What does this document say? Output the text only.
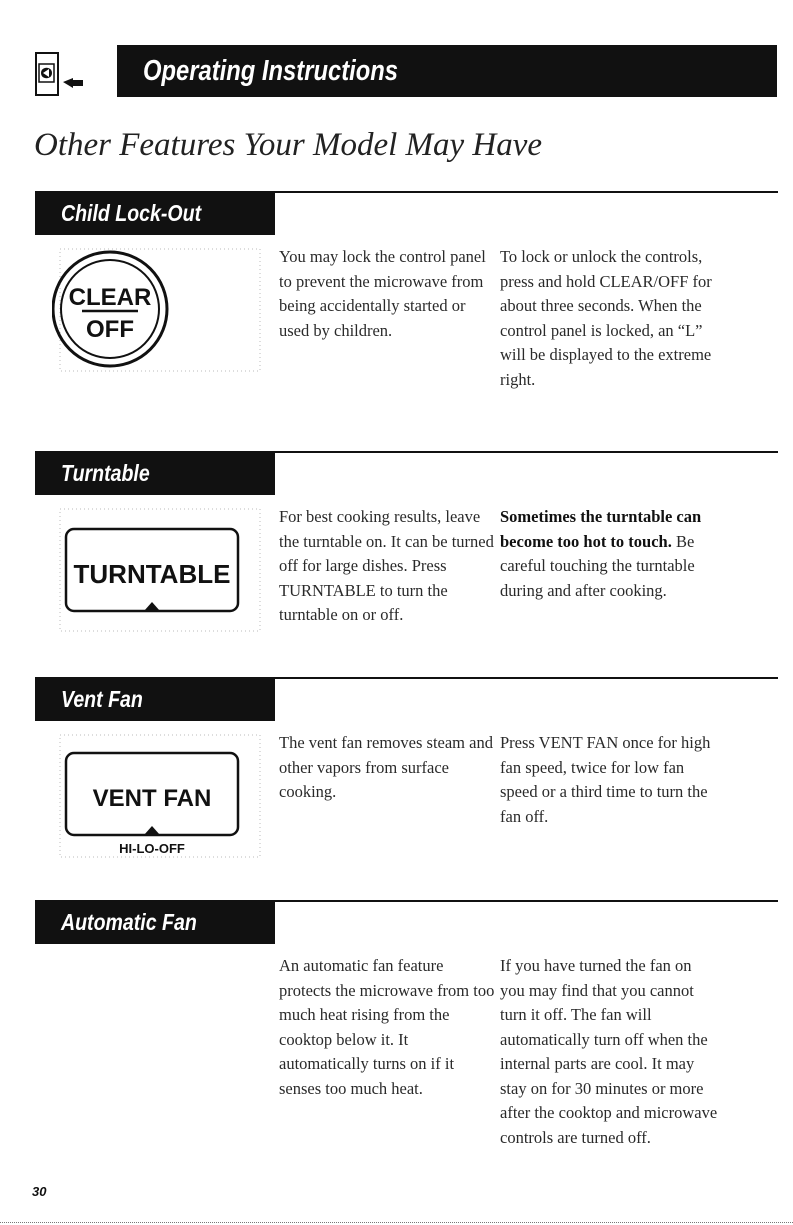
Operating Instructions
Other Features Your Model May Have
Child Lock-Out
CLEAR
OFF

You may lock the control panel to prevent the microwave from being accidentally started or used by children.

To lock or unlock the controls, press and hold CLEAR/OFF for about three seconds. When the control panel is locked, an “L” will be displayed to the extreme right.

Turntable
TURNTABLE

For best cooking results, leave the turntable on. It can be turned off for large dishes. Press TURNTABLE to turn the turntable on or off.

Sometimes the turntable can become too hot to touch. Be careful touching the turntable during and after cooking.

Vent Fan
VENT FAN
HI-LO-OFF

The vent fan removes steam and other vapors from surface cooking.

Press VENT FAN once for high fan speed, twice for low fan speed or a third time to turn the fan off.

Automatic Fan

An automatic fan feature protects the microwave from too much heat rising from the cooktop below it. It automatically turns on if it senses too much heat.

If you have turned the fan on you may find that you cannot turn it off. The fan will automatically turn off when the internal parts are cool. It may stay on for 30 minutes or more after the cooktop and microwave controls are turned off.

30
